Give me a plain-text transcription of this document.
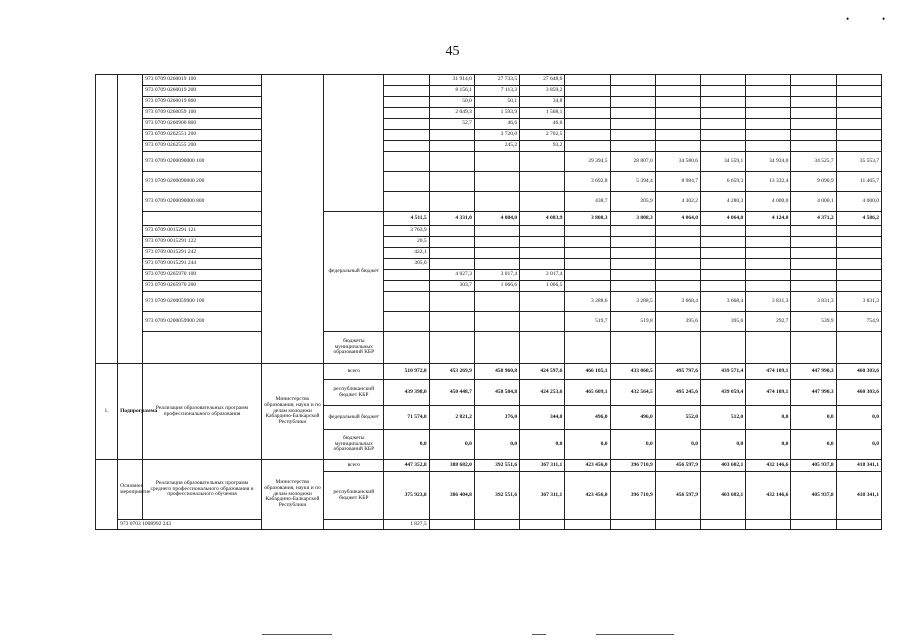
45
•	•
		973 0709 0260019 100				31 914,0	27 733,5	27 648,6							
		973 0709 0260019 200				8 156,1	7 113,3	3 859,2							
		973 0709 0260019 800				50,0	50,1	34,8							
		973 0709 0260059 100				2 049,3	1 593,9	1 568,1							
		973 0709 0260900 800				52,7	46,6	46,6							
		973 0709 0262551 200					3 720,0	2 702,5							
		973 0709 0262555 200					245,2	93,2							
		973 0709 0200090000 100							29 394,5	28 807,0	34 580,6	34 559,1	34 934,0	34 525,7	35 553,7
		973 0709 0200090000 200							3 692,8	5 394,4	8 984,7	6 659,3	13 332,4	9 090,9	11 465,7
		973 0709 0200090000 800							438,7	205,9	4 302,2	4 280,3	4 000,0	4 000,1	4 000,0
				федеральный бюджет	4 511,5	4 331,0	4 084,0	4 083,9	3 808,3	3 808,3	4 064,0	4 064,0	4 124,0	4 371,2	4 586,2
		973 0709 0015291 121			3 763,9										
		973 0709 0015291 122			20,5										
		973 0709 0015291 242			422,1										
		973 0709 0015291 244			305,0										
		973 0709 0265970 100				4 027,3	3 017,4	3 017,4							
		973 0709 0265970 200				303,7	1 066,6	1 066,5							
		973 0709 0200059900 100							3 288,6	3 288,5	3 668,4	3 668,4	3 831,3	3 831,3	3 831,3
		973 0709 0200059900 200							519,7	519,8	395,6	395,6	292,7	539,9	754,9
				бюджеты муниципальных образований КБР											
1.	Подпрограмма	Реализация образовательных программ профессионального образования	Министерство образования, науки и по делам молодежи Кабардино-Балкарской Республики	всего	510 972,0	453 269,9	458 960,8	424 597,6	466 105,1	433 060,5	495 797,6	439 571,4	474 109,1	447 990,3	460 303,6
				республиканский бюджет КБР	439 398,0	450 448,7	458 584,8	424 253,6	465 609,1	432 564,5	495 245,6	439 059,4	474 109,1	447 990,3	460 303,6
				федеральный бюджет	71 574,0	2 821,2	376,0	344,0	496,0	496,0	552,0	512,0	0,0	0,0	0,0
				бюджеты муниципальных образований КБР	0,0	0,0	0,0	0,0	0,0	0,0	0,0	0,0	0,0	0,0	0,0
	Основное мероприятие	Реализация образовательных программ среднего профессионального образования и профессионального обучения	Министерство образования, науки и по делам молодежи Кабардино-Балкарской Республики	всего	447 352,8	388 682,0	392 551,6	367 311,1	423 456,0	396 710,9	456 597,9	403 602,1	432 146,6	405 937,8	418 341,1
				республиканский бюджет КБР	375 923,8	386 404,8	392 551,6	367 311,1	423 456,0	396 710,9	456 597,9	403 602,1	432 146,6	405 937,8	418 341,1
	973 0703 1008992 243				1 827,5										
